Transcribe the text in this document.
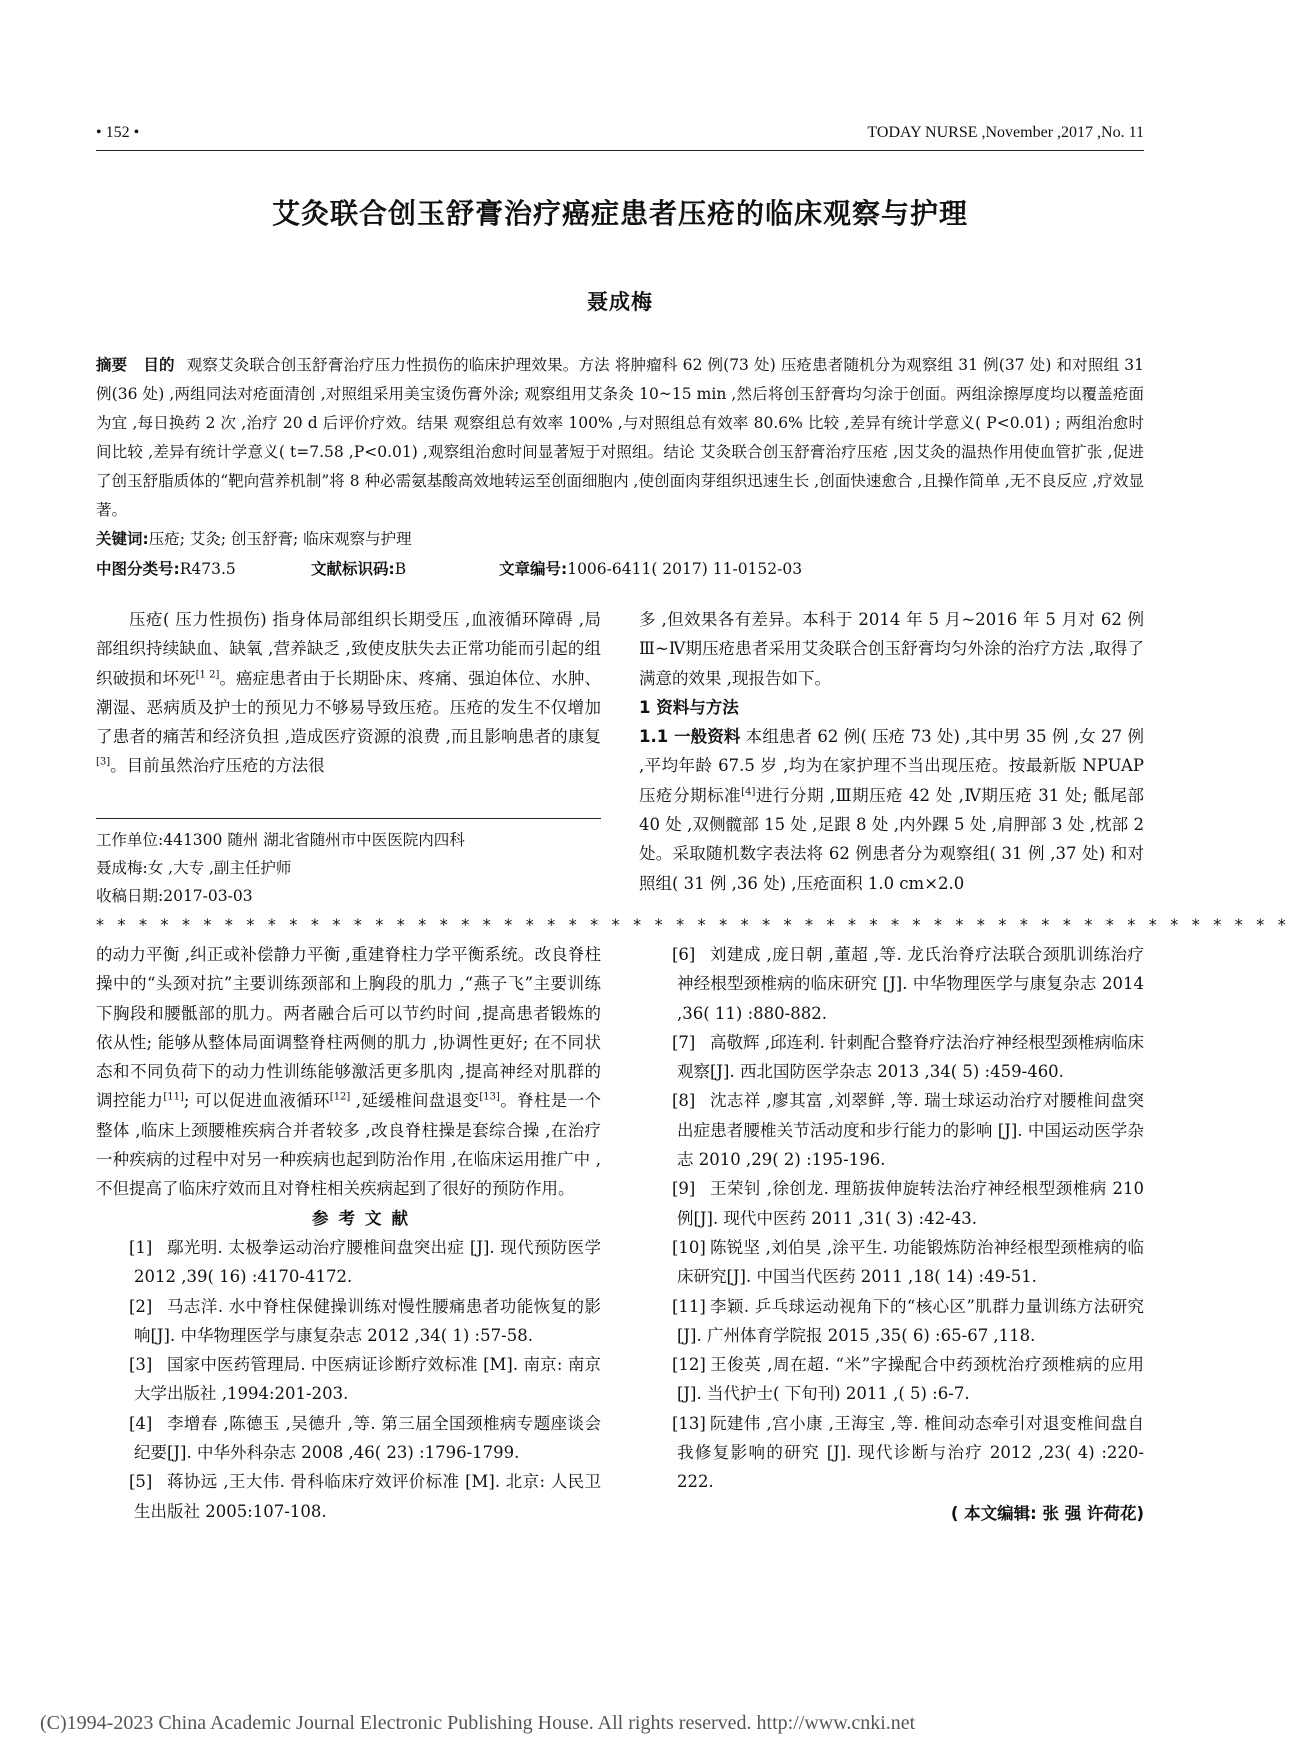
• 152 •	TODAY NURSE ,November ,2017 ,No. 11
艾灸联合创玉舒膏治疗癌症患者压疮的临床观察与护理
聂成梅
摘要 目的 观察艾灸联合创玉舒膏治疗压力性损伤的临床护理效果。方法 将肿瘤科 62 例(73 处) 压疮患者随机分为观察组 31 例(37 处) 和对照组 31 例(36 处) ,两组同法对疮面清创 ,对照组采用美宝烫伤膏外涂; 观察组用艾条灸 10~15 min ,然后将创玉舒膏均匀涂于创面。两组涂擦厚度均以覆盖疮面为宜 ,每日换药 2 次 ,治疗 20 d 后评价疗效。结果 观察组总有效率 100% ,与对照组总有效率 80.6% 比较 ,差异有统计学意义( P<0.01) ; 两组治愈时间比较 ,差异有统计学意义( t=7.58 ,P<0.01) ,观察组治愈时间显著短于对照组。结论 艾灸联合创玉舒膏治疗压疮 ,因艾灸的温热作用使血管扩张 ,促进了创玉舒脂质体的“靶向营养机制”将 8 种必需氨基酸高效地转运至创面细胞内 ,使创面肉芽组织迅速生长 ,创面快速愈合 ,且操作简单 ,无不良反应 ,疗效显著。
关键词:压疮; 艾灸; 创玉舒膏; 临床观察与护理
中图分类号: R473.5	文献标识码: B	文章编号: 1006-6411( 2017) 11-0152-03

压疮( 压力性损伤) 指身体局部组织长期受压 ,血液循环障碍 ,局部组织持续缺血、缺氧 ,营养缺乏 ,致使皮肤失去正常功能而引起的组织破损和坏死[1 2]。癌症患者由于长期卧床、疼痛、强迫体位、水肿、潮湿、恶病质及护士的预见力不够易导致压疮。压疮的发生不仅增加了患者的痛苦和经济负担 ,造成医疗资源的浪费 ,而且影响患者的康复[3]。目前虽然治疗压疮的方法很

工作单位:441300 随州 湖北省随州市中医医院内四科
聂成梅:女 ,大专 ,副主任护师
收稿日期:2017-03-03

多 ,但效果各有差异。本科于 2014 年 5 月~2016 年 5 月对 62 例Ⅲ~Ⅳ期压疮患者采用艾灸联合创玉舒膏均匀外涂的治疗方法 ,取得了满意的效果 ,现报告如下。

1 资料与方法

1.1 一般资料 本组患者 62 例( 压疮 73 处) ,其中男 35 例 ,女 27 例 ,平均年龄 67.5 岁 ,均为在家护理不当出现压疮。按最新版 NPUAP 压疮分期标准[4]进行分期 ,Ⅲ期压疮 42 处 ,Ⅳ期压疮 31 处; 骶尾部 40 处 ,双侧髋部 15 处 ,足跟 8 处 ,内外踝 5 处 ,肩胛部 3 处 ,枕部 2 处。采取随机数字表法将 62 例患者分为观察组( 31 例 ,37 处) 和对照组( 31 例 ,36 处) ,压疮面积 1.0 cm×2.0

* * * * * * * * * * * * * * * * * * * * * * * * * * * * * * * * * * * * * * * * * * * * * * * * * * * * * * * *

的动力平衡 ,纠正或补偿静力平衡 ,重建脊柱力学平衡系统。改良脊柱操中的“头颈对抗”主要训练颈部和上胸段的肌力 ,“燕子飞”主要训练下胸段和腰骶部的肌力。两者融合后可以节约时间 ,提高患者锻炼的依从性; 能够从整体局面调整脊柱两侧的肌力 ,协调性更好; 在不同状态和不同负荷下的动力性训练能够激活更多肌肉 ,提高神经对肌群的调控能力[11]; 可以促进血液循环[12] ,延缓椎间盘退变[13]。脊柱是一个整体 ,临床上颈腰椎疾病合并者较多 ,改良脊柱操是套综合操 ,在治疗一种疾病的过程中对另一种疾病也起到防治作用 ,在临床运用推广中 ,不但提高了临床疗效而且对脊柱相关疾病起到了很好的预防作用。

参考文献

[1] 鄢光明. 太极拳运动治疗腰椎间盘突出症 [J]. 现代预防医学 2012 ,39( 16) :4170-4172.

[2] 马志洋. 水中脊柱保健操训练对慢性腰痛患者功能恢复的影响[J]. 中华物理医学与康复杂志 2012 ,34( 1) :57-58.

[3] 国家中医药管理局. 中医病证诊断疗效标准 [M]. 南京: 南京大学出版社 ,1994:201-203.

[4] 李增春 ,陈德玉 ,吴德升 ,等. 第三届全国颈椎病专题座谈会纪要[J]. 中华外科杂志 2008 ,46( 23) :1796-1799.

[5] 蒋协远 ,王大伟. 骨科临床疗效评价标准 [M]. 北京: 人民卫生出版社 2005:107-108.

[6] 刘建成 ,庞日朝 ,董超 ,等. 龙氏治脊疗法联合颈肌训练治疗神经根型颈椎病的临床研究 [J]. 中华物理医学与康复杂志 2014 ,36( 11) :880-882.

[7] 高敬辉 ,邱连利. 针刺配合整脊疗法治疗神经根型颈椎病临床观察[J]. 西北国防医学杂志 2013 ,34( 5) :459-460.

[8] 沈志祥 ,廖其富 ,刘翠鲜 ,等. 瑞士球运动治疗对腰椎间盘突出症患者腰椎关节活动度和步行能力的影响 [J]. 中国运动医学杂志 2010 ,29( 2) :195-196.

[9] 王荣钊 ,徐创龙. 理筋拔伸旋转法治疗神经根型颈椎病 210 例[J]. 现代中医药 2011 ,31( 3) :42-43.

[10] 陈锐坚 ,刘伯昊 ,涂平生. 功能锻炼防治神经根型颈椎病的临床研究[J]. 中国当代医药 2011 ,18( 14) :49-51.

[11] 李颖. 乒乓球运动视角下的“核心区”肌群力量训练方法研究[J]. 广州体育学院报 2015 ,35( 6) :65-67 ,118.

[12] 王俊英 ,周在超. “米”字操配合中药颈枕治疗颈椎病的应用[J]. 当代护士( 下旬刊) 2011 ,( 5) :6-7.

[13] 阮建伟 ,宫小康 ,王海宝 ,等. 椎间动态牵引对退变椎间盘自我修复影响的研究 [J]. 现代诊断与治疗 2012 ,23( 4) :220-222.

( 本文编辑: 张 强 许荷花)
(C)1994-2023 China Academic Journal Electronic Publishing House. All rights reserved. http://www.cnki.net
